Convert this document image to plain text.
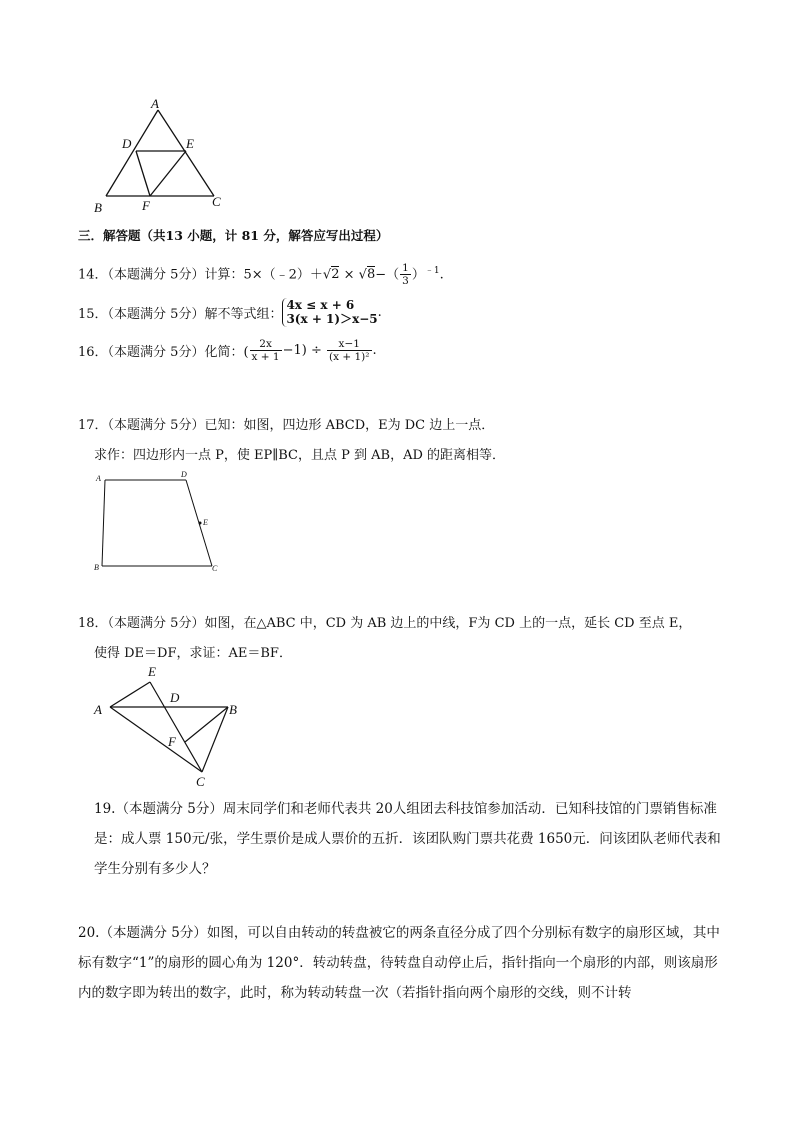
A
D	E
B	F	C
三．解答题（共13 小题，计 81 分，解答应写出过程）
14．（本题满分 5分）计算：5×（﹣2）＋√2 × $√8-( \frac{1}{3} )^{﹣1}$.
15．（本题满分 5分）解不等式组：
4x ≤ x + 6
3(x + 1)＞x−5 .
16．（本题满分 5分）化简：( $\frac{2x}{x + 1} -1) \div \frac{x-1}{\text{(x + 1)²}}$ .
17．（本题满分 5分）已知：如图，四边形 ABCD，E为 DC 边上一点．
求作：四边形内一点 P，使 EP∥BC，且点 P 到 AB，AD 的距离相等．
A	D
E
B	C
18．（本题满分 5分）如图，在△ABC 中，CD 为 AB 边上的中线，F为 CD 上的一点，延长 CD 至点 E，
使得 DE＝DF，求证：AE＝BF．
E
D
A	B
F
C
19.（本题满分 5分）周末同学们和老师代表共 20人组团去科技馆参加活动．已知科技馆的门票销售标准是：成人票 150元/张，学生票价是成人票价的五折．该团队购门票共花费 1650元．问该团队老师代表和学生分别有多少人？
20.（本题满分 5分）如图，可以自由转动的转盘被它的两条直径分成了四个分别标有数字的扇形区域，其中标有数字“1”的扇形的圆心角为 120°．转动转盘，待转盘自动停止后，指针指向一个扇形的内部，则该扇形内的数字即为转出的数字，此时，称为转动转盘一次（若指针指向两个扇形的交线，则不计转
